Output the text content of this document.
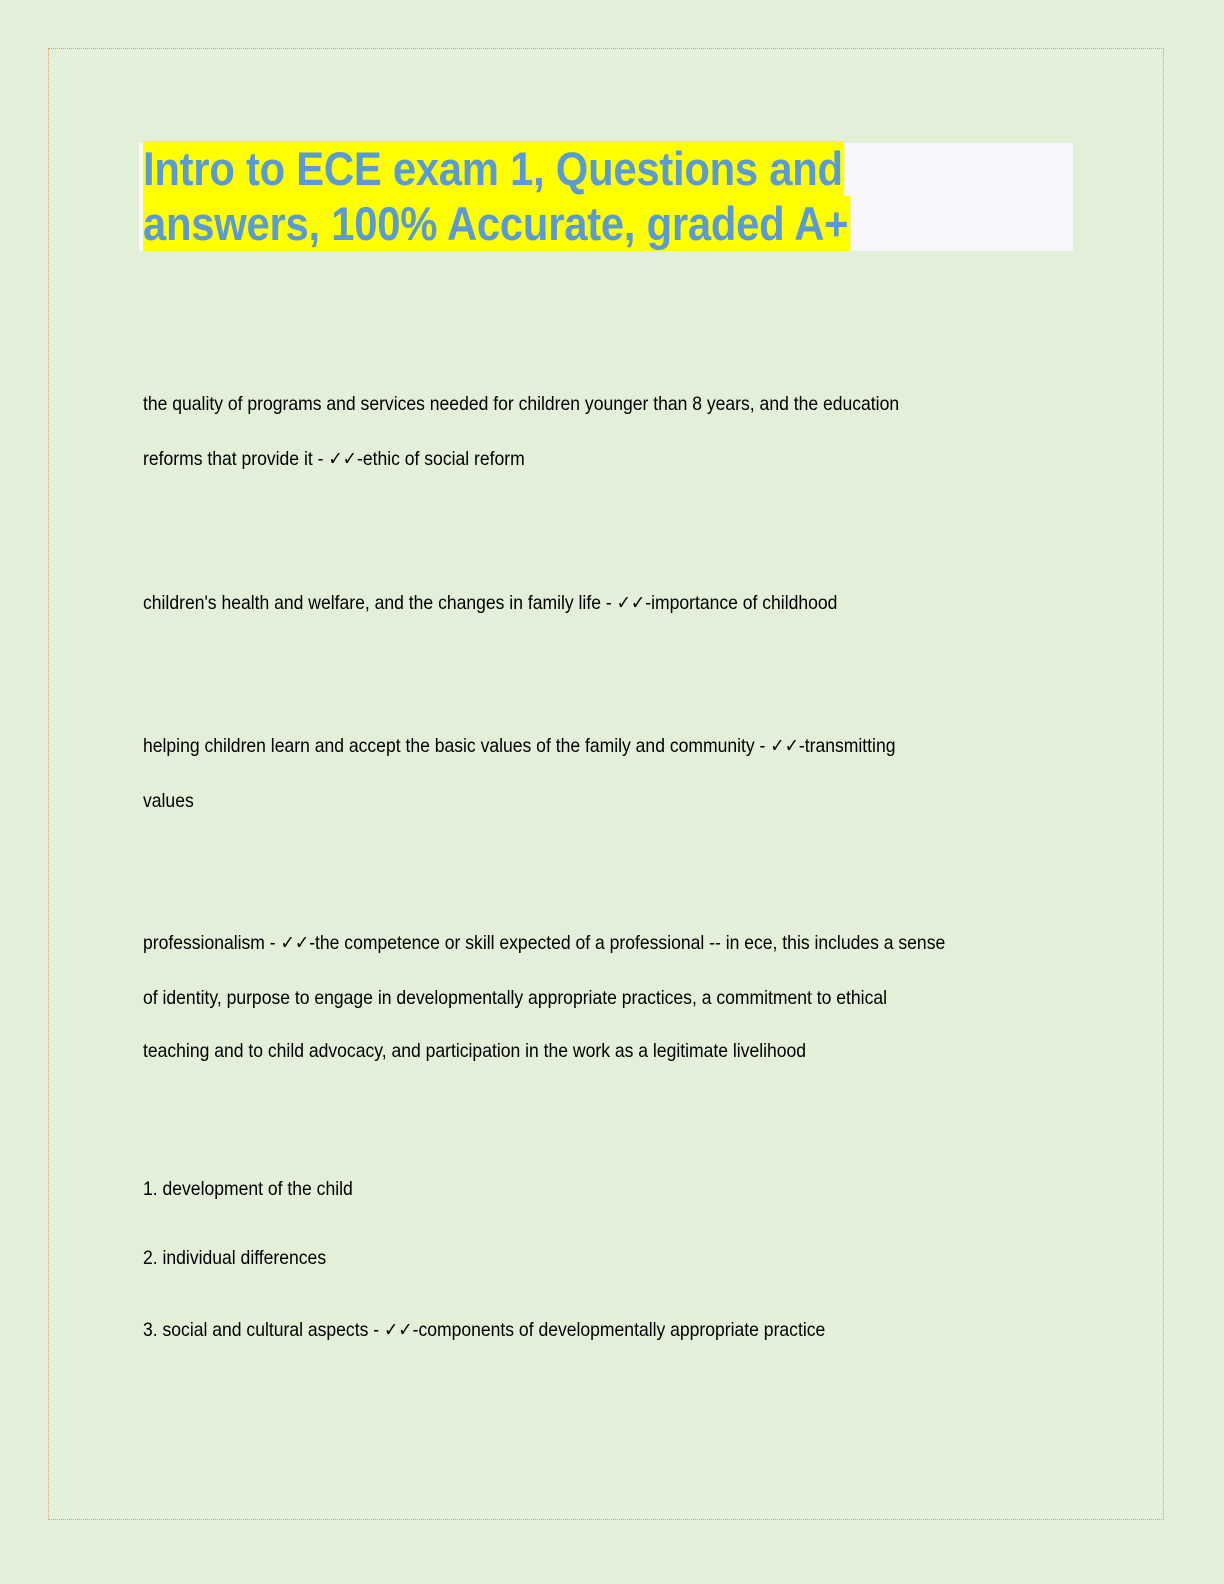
Intro to ECE exam 1, Questions and
answers, 100% Accurate, graded A+

the quality of programs and services needed for children younger than 8 years, and the education

reforms that provide it - ✓✓-ethic of social reform

children's health and welfare, and the changes in family life - ✓✓-importance of childhood

helping children learn and accept the basic values of the family and community - ✓✓-transmitting

values

professionalism - ✓✓-the competence or skill expected of a professional -- in ece, this includes a sense

of identity, purpose to engage in developmentally appropriate practices, a commitment to ethical

teaching and to child advocacy, and participation in the work as a legitimate livelihood

1. development of the child

2. individual differences

3. social and cultural aspects - ✓✓-components of developmentally appropriate practice
